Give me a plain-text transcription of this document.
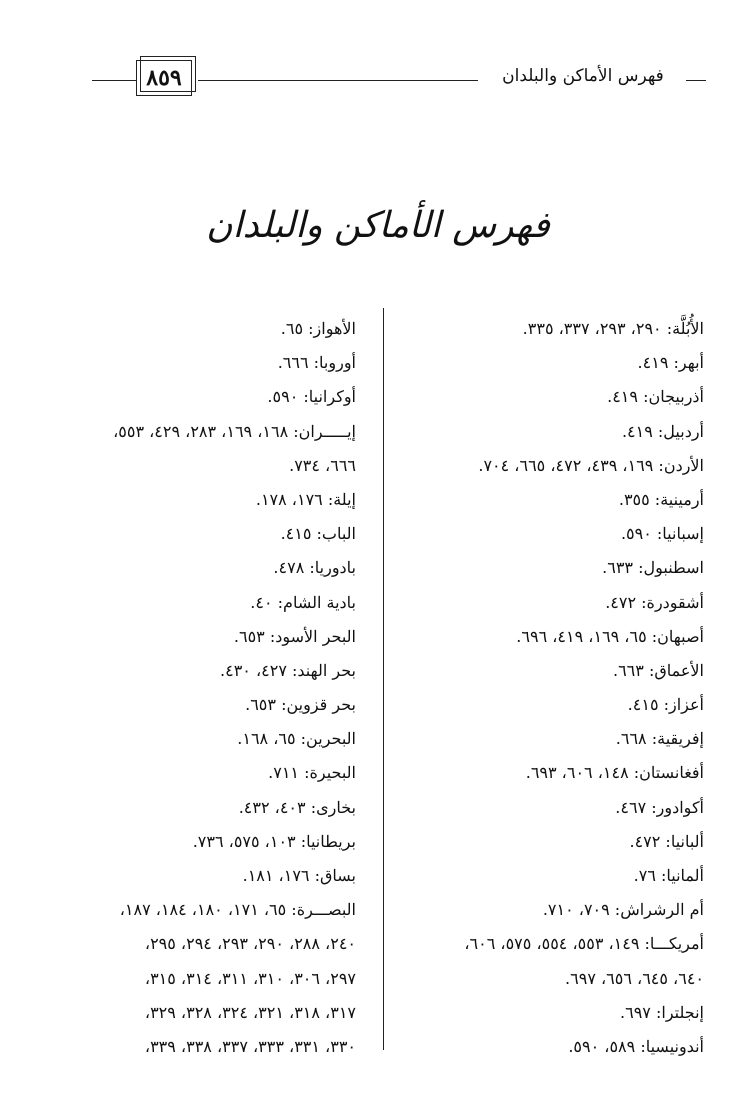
٨٥٩	فهرس الأماكن والبلدان
فهرس الأماكن والبلدان
الأُبُلَّة: ٢٩٠، ٢٩٣، ٣٣٧، ٣٣٥.
أبهر: ٤١٩.
أذربيجان: ٤١٩.
أردبيل: ٤١٩.
الأردن: ١٦٩، ٤٣٩، ٤٧٢، ٦٦٥، ٧٠٤.
أرمينية: ٣٥٥.
إسبانيا: ٥٩٠.
اسطنبول: ٦٣٣.
أشقودرة: ٤٧٢.
أصبهان: ٦٥، ١٦٩، ٤١٩، ٦٩٦.
الأعماق: ٦٦٣.
أعزاز: ٤١٥.
إفريقية: ٦٦٨.
أفغانستان: ١٤٨، ٦٠٦، ٦٩٣.
أكوادور: ٤٦٧.
ألبانيا: ٤٧٢.
ألمانيا: ٧٦.
أم الرشراش: ٧٠٩، ٧١٠.
أمريكـــا: ١٤٩، ٥٥٣، ٥٥٤، ٥٧٥، ٦٠٦،
٦٤٠، ٦٤٥، ٦٥٦، ٦٩٧.
إنجلترا: ٦٩٧.
أندونيسيا: ٥٨٩، ٥٩٠.
الأهواز: ٦٥.
أوروبا: ٦٦٦.
أوكرانيا: ٥٩٠.
إيـــــران: ١٦٨، ١٦٩، ٢٨٣، ٤٢٩، ٥٥٣،
٦٦٦، ٧٣٤.
إيلة: ١٧٦، ١٧٨.
الباب: ٤١٥.
بادوريا: ٤٧٨.
بادية الشام: ٤٠.
البحر الأسود: ٦٥٣.
بحر الهند: ٤٢٧، ٤٣٠.
بحر قزوين: ٦٥٣.
البحرين: ٦٥، ١٦٨.
البحيرة: ٧١١.
بخارى: ٤٠٣، ٤٣٢.
بريطانيا: ١٠٣، ٥٧٥، ٧٣٦.
بساق: ١٧٦، ١٨١.
البصـــرة: ٦٥، ١٧١، ١٨٠، ١٨٤، ١٨٧،
٢٤٠، ٢٨٨، ٢٩٠، ٢٩٣، ٢٩٤، ٢٩٥،
٢٩٧، ٣٠٦، ٣١٠، ٣١١، ٣١٤، ٣١٥،
٣١٧، ٣١٨، ٣٢١، ٣٢٤، ٣٢٨، ٣٢٩،
٣٣٠، ٣٣١، ٣٣٣، ٣٣٧، ٣٣٨، ٣٣٩،
